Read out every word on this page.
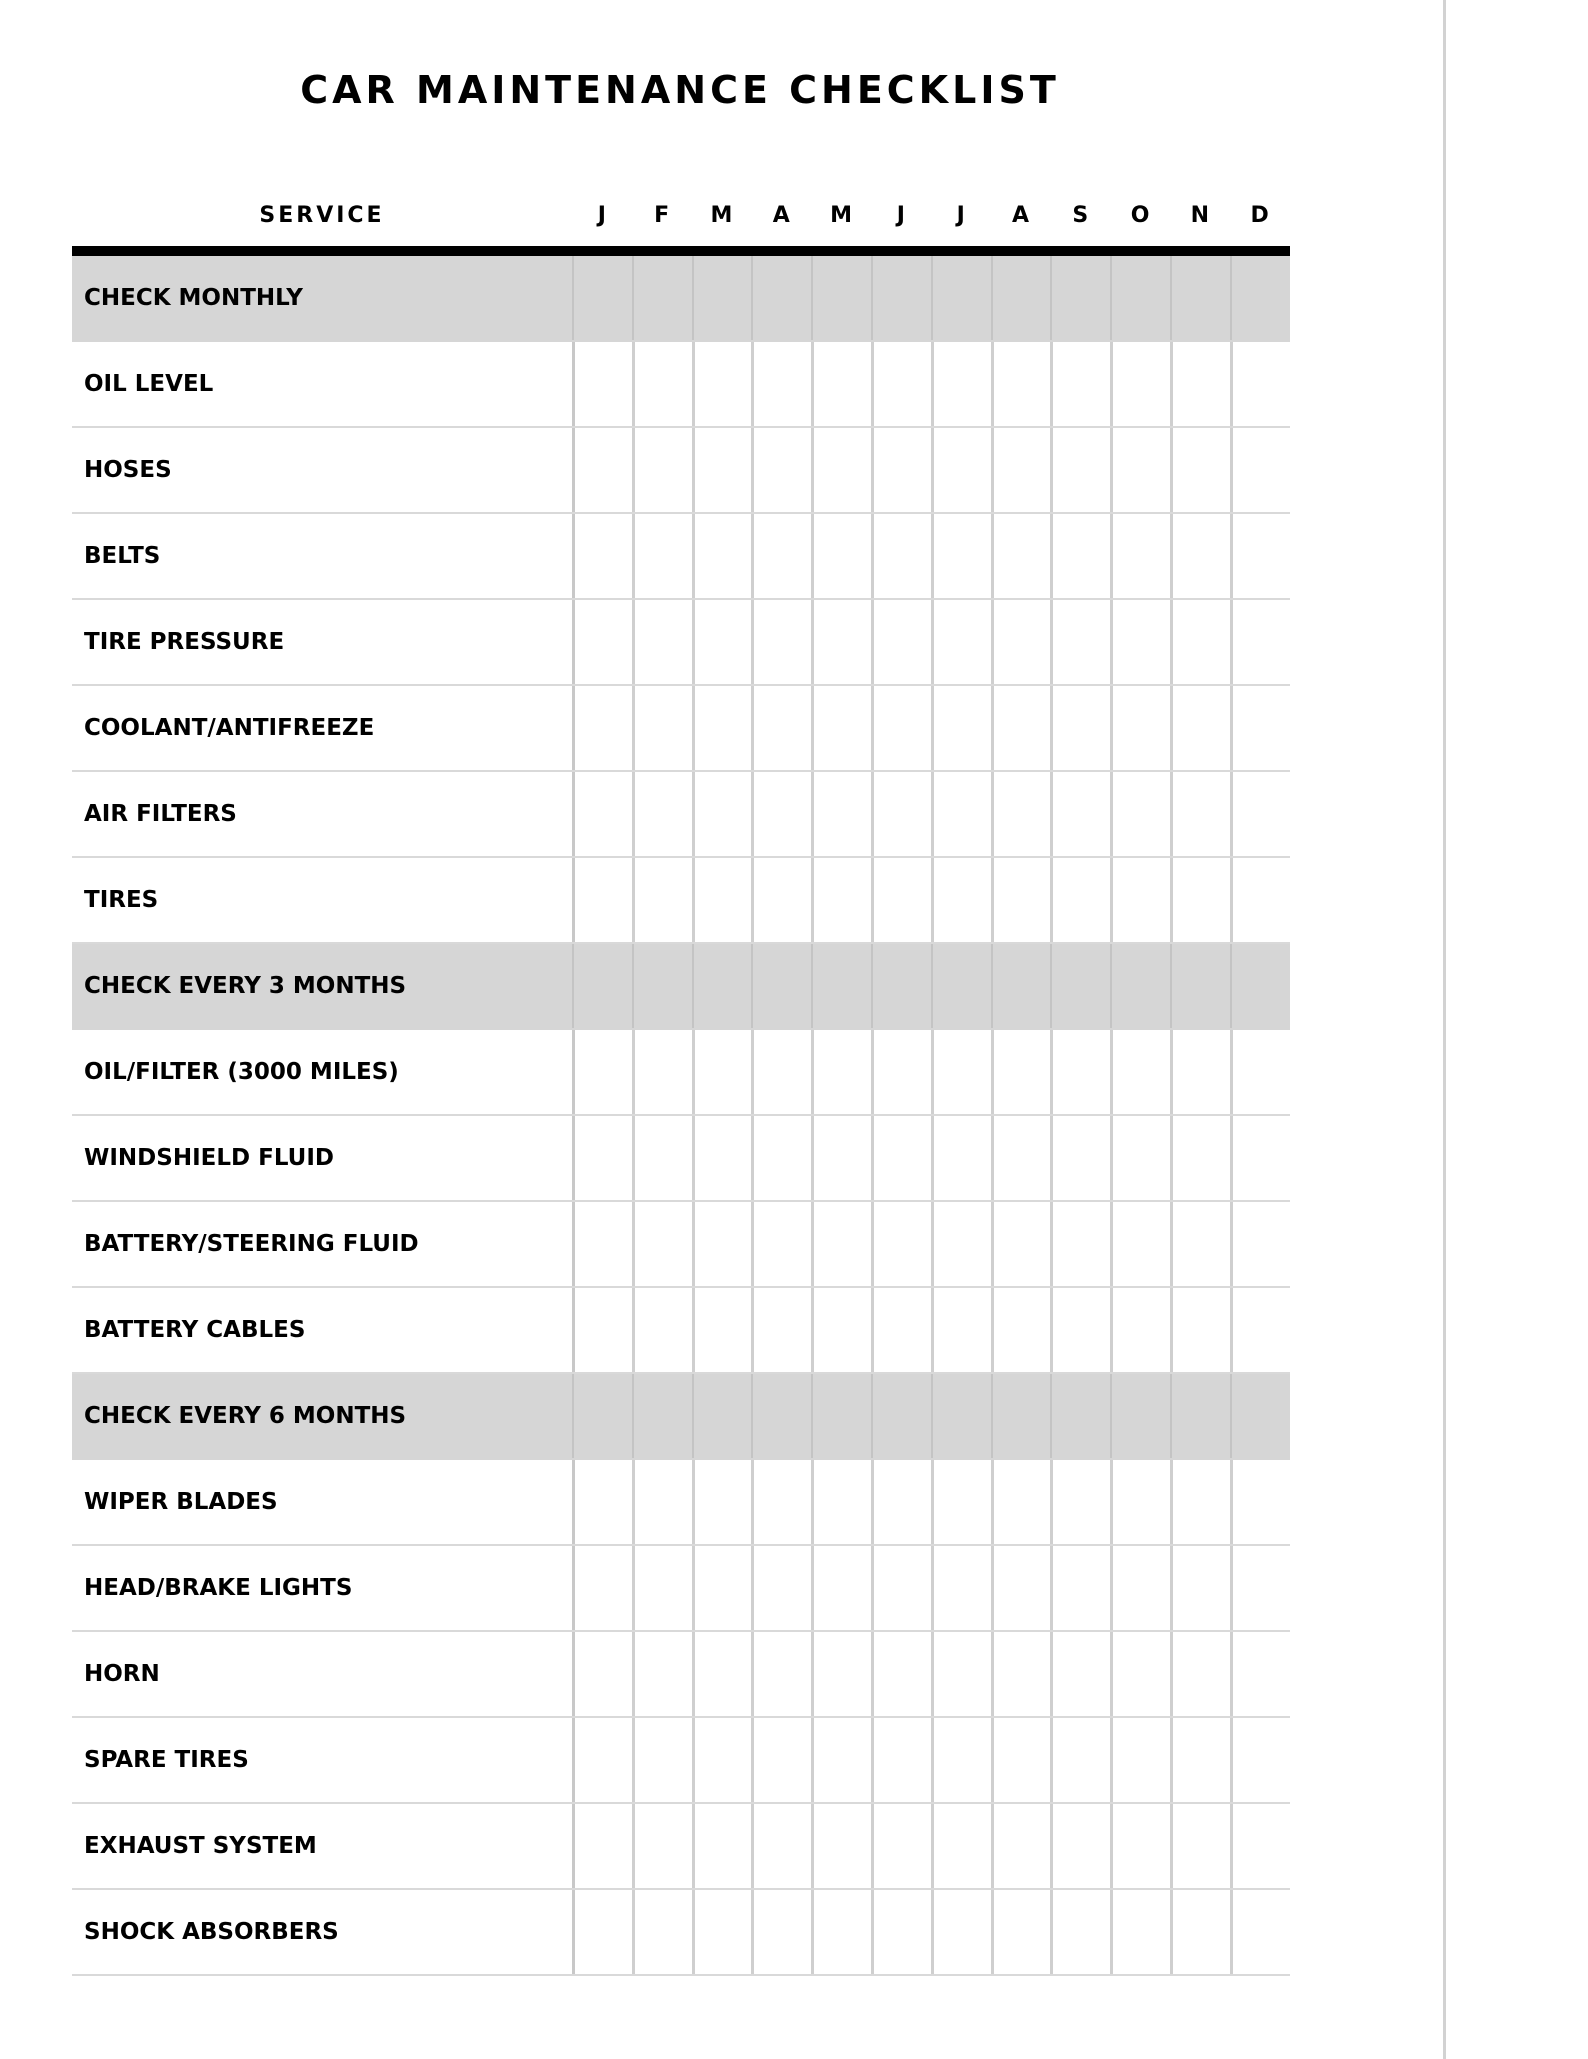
CAR MAINTENANCE CHECKLIST
SERVICE	J	F	M	A	M	J	J	A	S	O	N	D
CHECK MONTHLY
OIL LEVEL
HOSES
BELTS
TIRE PRESSURE
COOLANT/ANTIFREEZE
AIR FILTERS
TIRES
CHECK EVERY 3 MONTHS
OIL/FILTER (3000 MILES)
WINDSHIELD FLUID
BATTERY/STEERING FLUID
BATTERY CABLES
CHECK EVERY 6 MONTHS
WIPER BLADES
HEAD/BRAKE LIGHTS
HORN
SPARE TIRES
EXHAUST SYSTEM
SHOCK ABSORBERS
